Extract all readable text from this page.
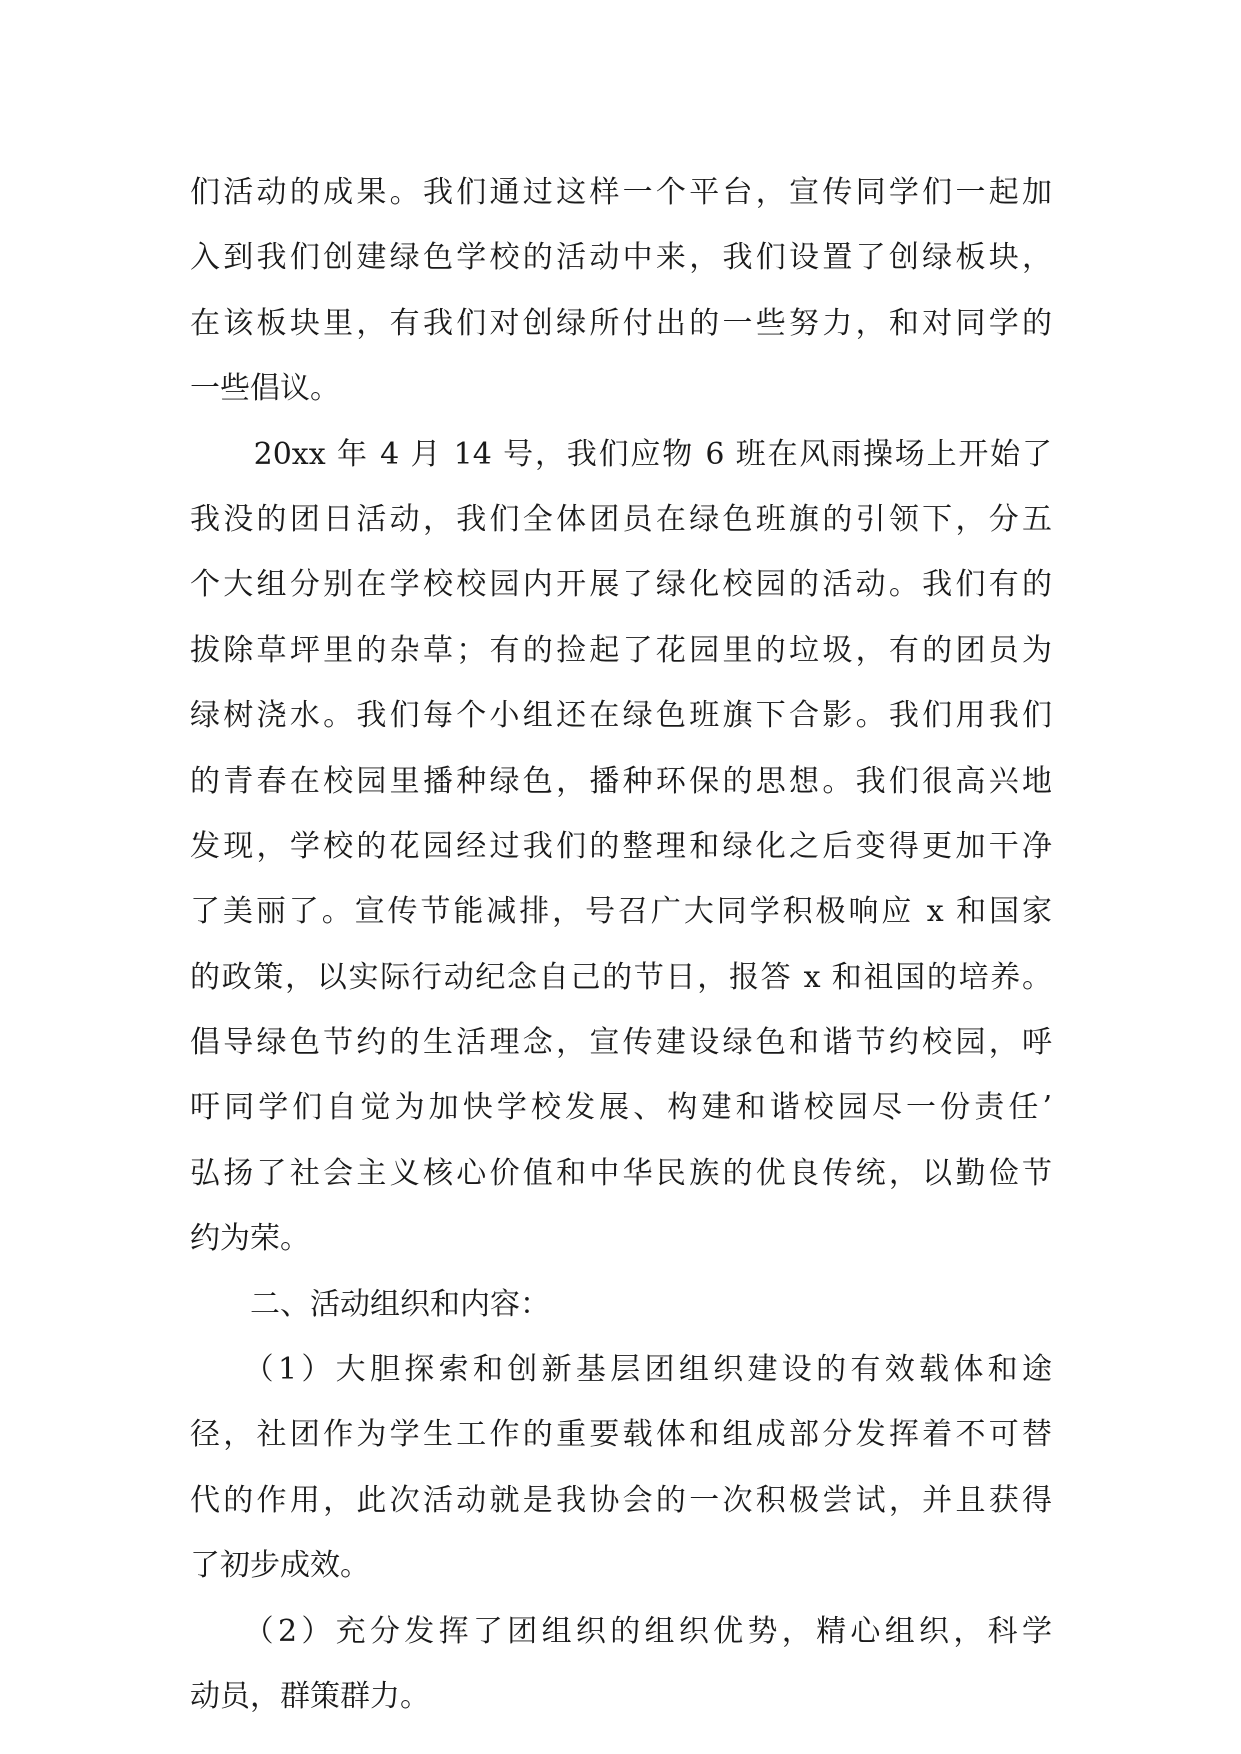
们活动的成果。我们通过这样一个平台，宣传同学们一起加
入到我们创建绿色学校的活动中来，我们设置了创绿板块，
在该板块里，有我们对创绿所付出的一些努力，和对同学的
一些倡议。
　　20xx 年 4 月 14 号，我们应物 6 班在风雨操场上开始了
我没的团日活动，我们全体团员在绿色班旗的引领下，分五
个大组分别在学校校园内开展了绿化校园的活动。我们有的
拔除草坪里的杂草；有的捡起了花园里的垃圾，有的团员为
绿树浇水。我们每个小组还在绿色班旗下合影。我们用我们
的青春在校园里播种绿色，播种环保的思想。我们很高兴地
发现，学校的花园经过我们的整理和绿化之后变得更加干净
了美丽了。宣传节能减排，号召广大同学积极响应 x 和国家
的政策，以实际行动纪念自己的节日，报答 x 和祖国的培养。
倡导绿色节约的生活理念，宣传建设绿色和谐节约校园，呼
吁同学们自觉为加快学校发展、构建和谐校园尽一份责任’
弘扬了社会主义核心价值和中华民族的优良传统，以勤俭节
约为荣。
　　二、活动组织和内容：
　　（1）大胆探索和创新基层团组织建设的有效载体和途
径，社团作为学生工作的重要载体和组成部分发挥着不可替
代的作用，此次活动就是我协会的一次积极尝试，并且获得
了初步成效。
　　（2）充分发挥了团组织的组织优势，精心组织，科学
动员，群策群力。
